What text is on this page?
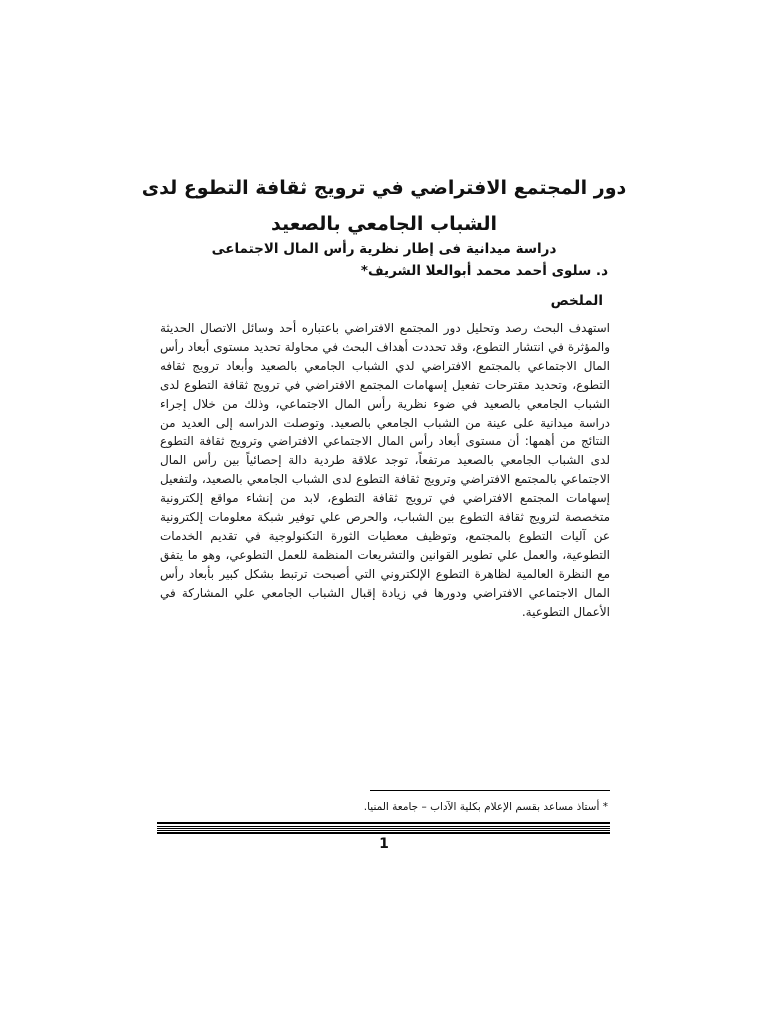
دور المجتمع الافتراضي في ترويج ثقافة التطوع لدى الشباب الجامعي بالصعيد

دراسة ميدانية فى إطار نظرية رأس المال الاجتماعى

د. سلوى أحمد محمد أبوالعلا الشريف*

الملخص

استهدف البحث رصد وتحليل دور المجتمع الافتراضي باعتباره أحد وسائل الاتصال الحديثة والمؤثرة في انتشار التطوع، وقد تحددت أهداف البحث في محاولة تحديد مستوى أبعاد رأس المال الاجتماعي بالمجتمع الافتراضي لدي الشباب الجامعي بالصعيد وأبعاد ترويج ثقافه التطوع، وتحديد مقترحات تفعيل إسهامات المجتمع الافتراضي في ترويج ثقافة التطوع لدى الشباب الجامعي بالصعيد في ضوء نظرية رأس المال الاجتماعي، وذلك من خلال إجراء دراسة ميدانية على عينة من الشباب الجامعي بالصعيد. وتوصلت الدراسه إلى العديد من النتائج من أهمها: أن مستوى أبعاد رأس المال الاجتماعي الافتراضي وترويج ثقافة التطوع لدى الشباب الجامعي بالصعيد مرتفعاً، توجد علاقة طردية دالة إحصائياً بين رأس المال الاجتماعي بالمجتمع الافتراضي وترويج ثقافة التطوع لدى الشباب الجامعي بالصعيد، ولتفعيل إسهامات المجتمع الافتراضي في ترويج ثقافة التطوع، لابد من إنشاء مواقع إلكترونية متخصصة لترويج ثقافة التطوع بين الشباب، والحرص علي توفير شبكة معلومات إلكترونية عن آليات التطوع بالمجتمع، وتوظيف معطيات الثورة التكنولوجية في تقديم الخدمات التطوعية، والعمل علي تطوير القوانين والتشريعات المنظمة للعمل التطوعي، وهو ما يتفق مع النظرة العالمية لظاهرة التطوع الإلكتروني التي أصبحت ترتبط بشكل كبير بأبعاد رأس المال الاجتماعي الافتراضي ودورها في زيادة إقبال الشباب الجامعي علي المشاركة في الأعمال التطوعية.

* أستاذ مساعد بقسم الإعلام بكلية الآداب – جامعة المنيا.

1
